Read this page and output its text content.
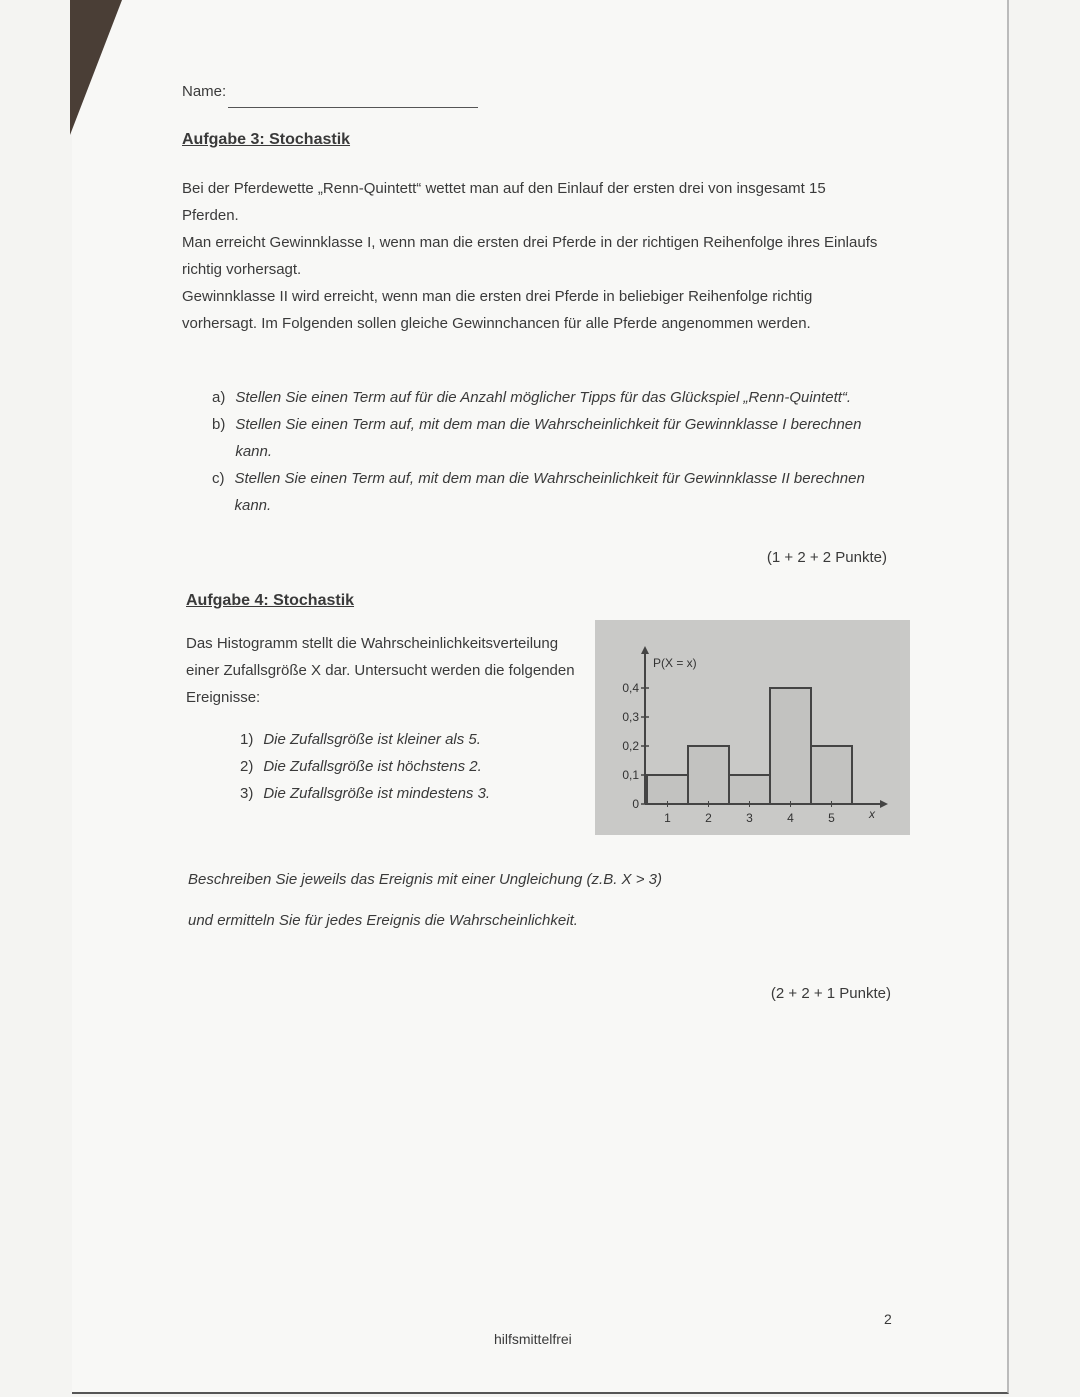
Name:
Aufgabe 3: Stochastik

Bei der Pferdewette „Renn-Quintett“ wettet man auf den Einlauf der ersten drei von insgesamt 15 Pferden.

Man erreicht Gewinnklasse I, wenn man die ersten drei Pferde in der richtigen Reihenfolge ihres Einlaufs richtig vorhersagt.

Gewinnklasse II wird erreicht, wenn man die ersten drei Pferde in beliebiger Reihenfolge richtig vorhersagt. Im Folgenden sollen gleiche Gewinnchancen für alle Pferde angenommen werden.

a) Stellen Sie einen Term auf für die Anzahl möglicher Tipps für das Glückspiel „Renn-Quintett“.
b) Stellen Sie einen Term auf, mit dem man die Wahrscheinlichkeit für Gewinnklasse I berechnen kann.
c) Stellen Sie einen Term auf, mit dem man die Wahrscheinlichkeit für Gewinnklasse II berechnen kann.
(1 + 2 + 2 Punkte)
Aufgabe 4: Stochastik

Das Histogramm stellt die Wahrscheinlichkeitsverteilung einer Zufallsgröße X dar. Untersucht werden die folgenden Ereignisse:

1) Die Zufallsgröße ist kleiner als 5.
2) Die Zufallsgröße ist höchstens 2.
3) Die Zufallsgröße ist mindestens 3.
P(X = x)
x
0
0,1
0,2
0,3
0,4
1	2	3	4	5

Beschreiben Sie jeweils das Ereignis mit einer Ungleichung (z.B. X > 3)

und ermitteln Sie für jedes Ereignis die Wahrscheinlichkeit.

(2 + 2 + 1 Punkte)
hilfsmittelfrei
2
